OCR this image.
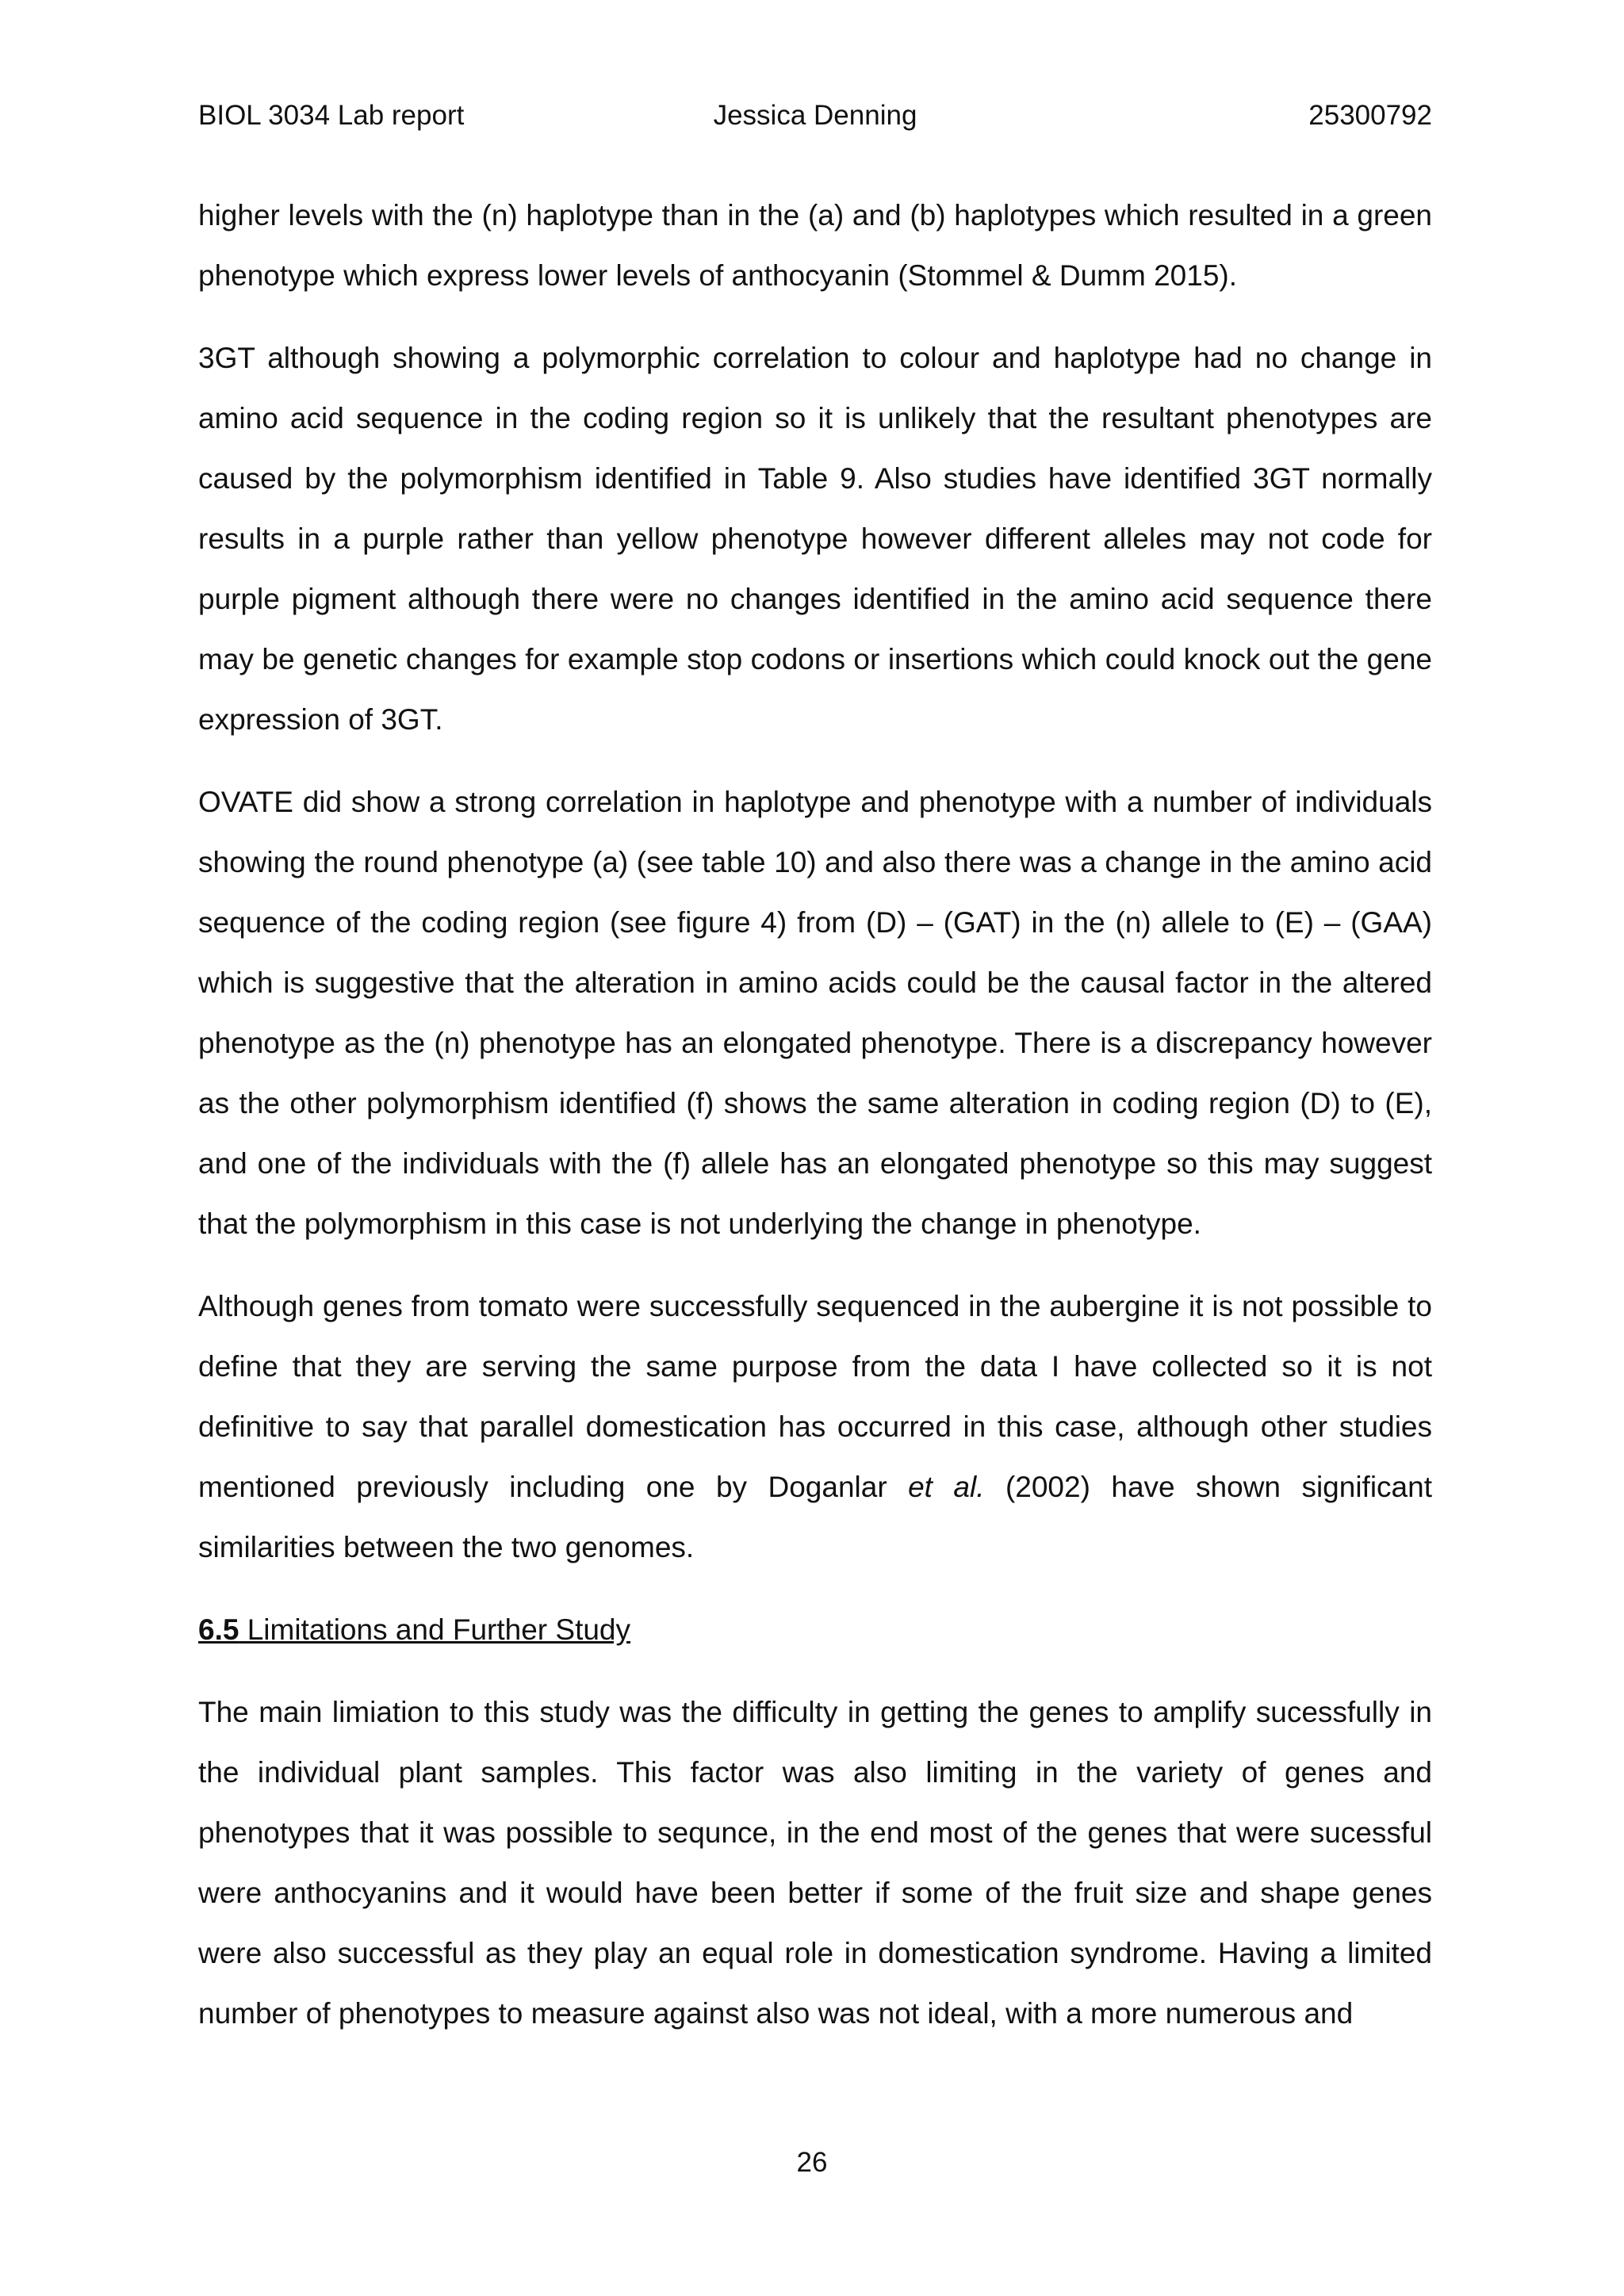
BIOL 3034 Lab report	Jessica Denning	25300792

higher levels with the (n) haplotype than in the (a) and (b) haplotypes which resulted in a green phenotype which express lower levels of anthocyanin (Stommel & Dumm 2015).

3GT although showing a polymorphic correlation to colour and haplotype had no change in amino acid sequence in the coding region so it is unlikely that the resultant phenotypes are caused by the polymorphism identified in Table 9. Also studies have identified 3GT normally results in a purple rather than yellow phenotype however different alleles may not code for purple pigment although there were no changes identified in the amino acid sequence there may be genetic changes for example stop codons or insertions which could knock out the gene expression of 3GT.

OVATE did show a strong correlation in haplotype and phenotype with a number of individuals showing the round phenotype (a) (see table 10) and also there was a change in the amino acid sequence of the coding region (see figure 4) from (D) – (GAT) in the (n) allele to (E) – (GAA) which is suggestive that the alteration in amino acids could be the causal factor in the altered phenotype as the (n) phenotype has an elongated phenotype. There is a discrepancy however as the other polymorphism identified (f) shows the same alteration in coding region (D) to (E), and one of the individuals with the (f) allele has an elongated phenotype so this may suggest that the polymorphism in this case is not underlying the change in phenotype.

Although genes from tomato were successfully sequenced in the aubergine it is not possible to define that they are serving the same purpose from the data I have collected so it is not definitive to say that parallel domestication has occurred in this case, although other studies mentioned previously including one by Doganlar et al. (2002) have shown significant similarities between the two genomes.

6.5 Limitations and Further Study

The main limiation to this study was the difficulty in getting the genes to amplify sucessfully in the individual plant samples. This factor was also limiting in the variety of genes and phenotypes that it was possible to sequnce, in the end most of the genes that were sucessful were anthocyanins and it would have been better if some of the fruit size and shape genes were also successful as they play an equal role in domestication syndrome. Having a limited number of phenotypes to measure against also was not ideal, with a more numerous and

26
